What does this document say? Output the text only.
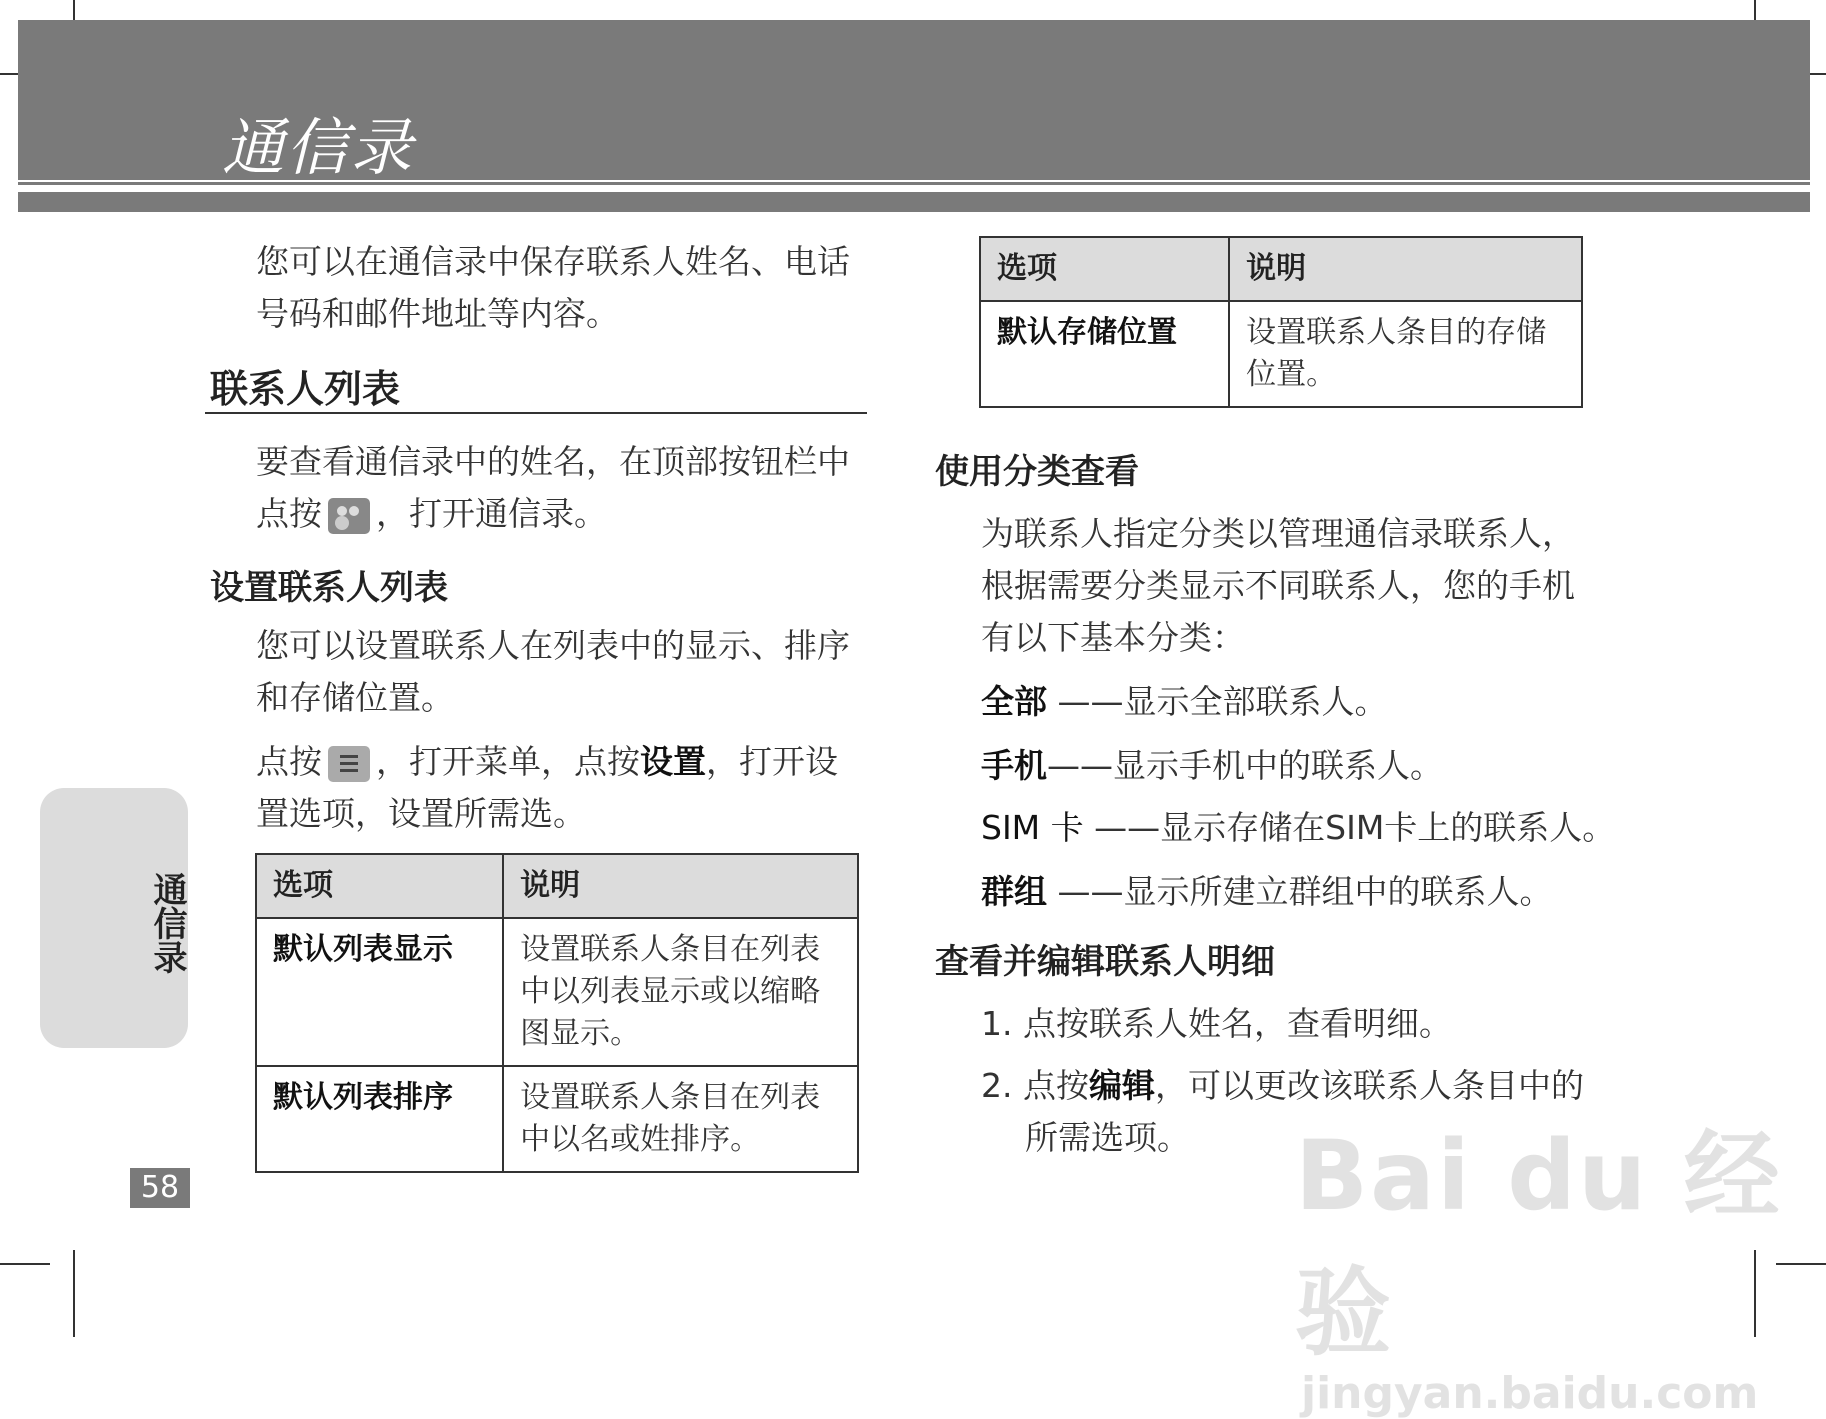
通信录
通信录
58
您可以在通信录中保存联系人姓名、电话号码和邮件地址等内容。
联系人列表
要查看通信录中的姓名，在顶部按钮栏中点按 ，打开通信录。
设置联系人列表
您可以设置联系人在列表中的显示、排序和存储位置。
点按 ，打开菜单，点按设置，打开设置选项，设置所需选。
选项	说明
默认列表显示	设置联系人条目在列表中以列表显示或以缩略图显示。
默认列表排序	设置联系人条目在列表中以名或姓排序。
选项	说明
默认存储位置	设置联系人条目的存储位置。
使用分类查看
为联系人指定分类以管理通信录联系人，根据需要分类显示不同联系人，您的手机有以下基本分类：
全部 ——显示全部联系人。
手机——显示手机中的联系人。
SIM 卡 ——显示存储在SIM卡上的联系人。
群组 ——显示所建立群组中的联系人。
查看并编辑联系人明细
1. 点按联系人姓名，查看明细。
2. 点按编辑，可以更改该联系人条目中的所需选项。	Bai du 经验
jingyan.baidu.com
